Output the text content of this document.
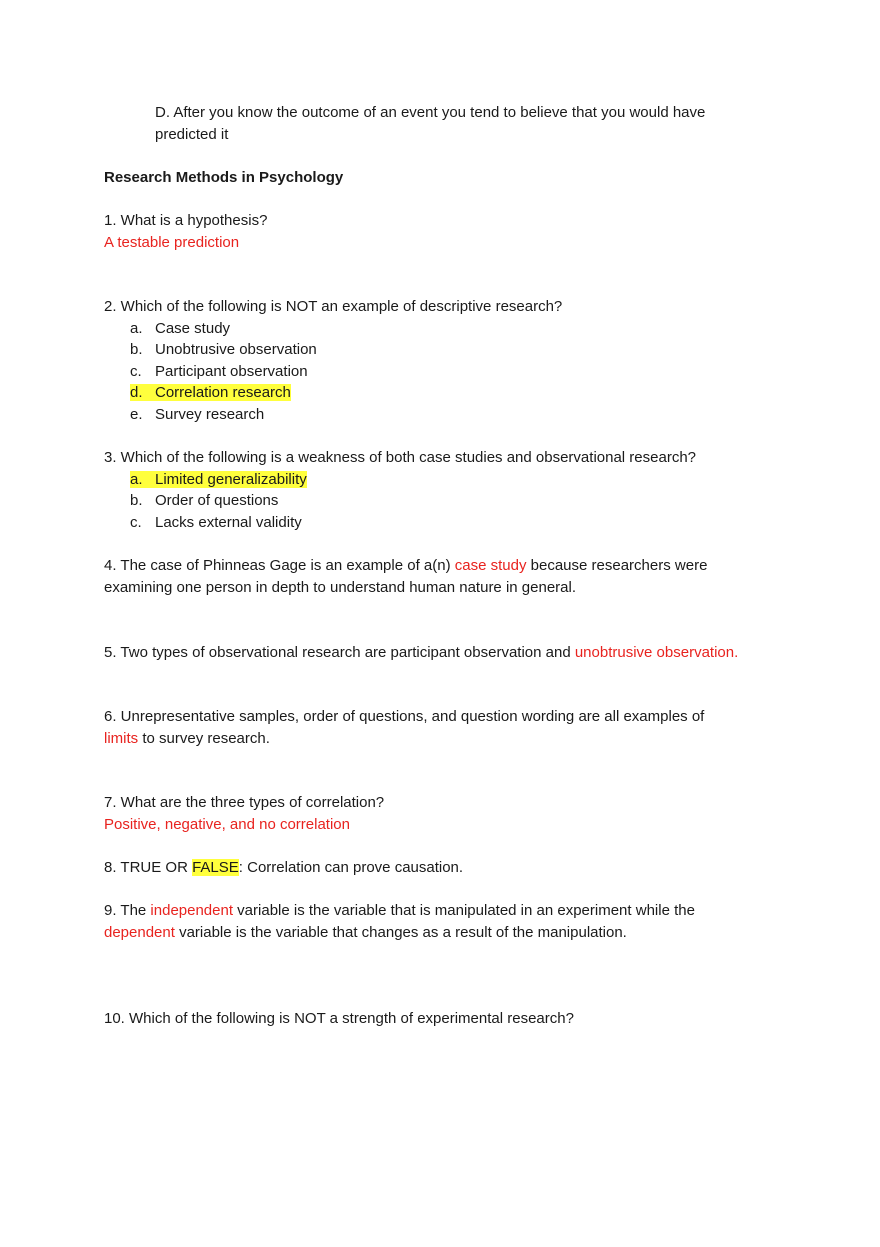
D. After you know the outcome of an event you tend to believe that you would have
predicted it
Research Methods in Psychology
1. What is a hypothesis?
A testable prediction
2. Which of the following is NOT an example of descriptive research?
a. Case study
b. Unobtrusive observation
c. Participant observation
d. Correlation research
e. Survey research
3. Which of the following is a weakness of both case studies and observational research?
a. Limited generalizability
b. Order of questions
c. Lacks external validity
4. The case of Phinneas Gage is an example of a(n) case study because researchers were
examining one person in depth to understand human nature in general.
5. Two types of observational research are participant observation and unobtrusive observation.
6. Unrepresentative samples, order of questions, and question wording are all examples of
limits to survey research.
7. What are the three types of correlation?
Positive, negative, and no correlation
8. TRUE OR FALSE: Correlation can prove causation.
9. The independent variable is the variable that is manipulated in an experiment while the
dependent variable is the variable that changes as a result of the manipulation.
10. Which of the following is NOT a strength of experimental research?
